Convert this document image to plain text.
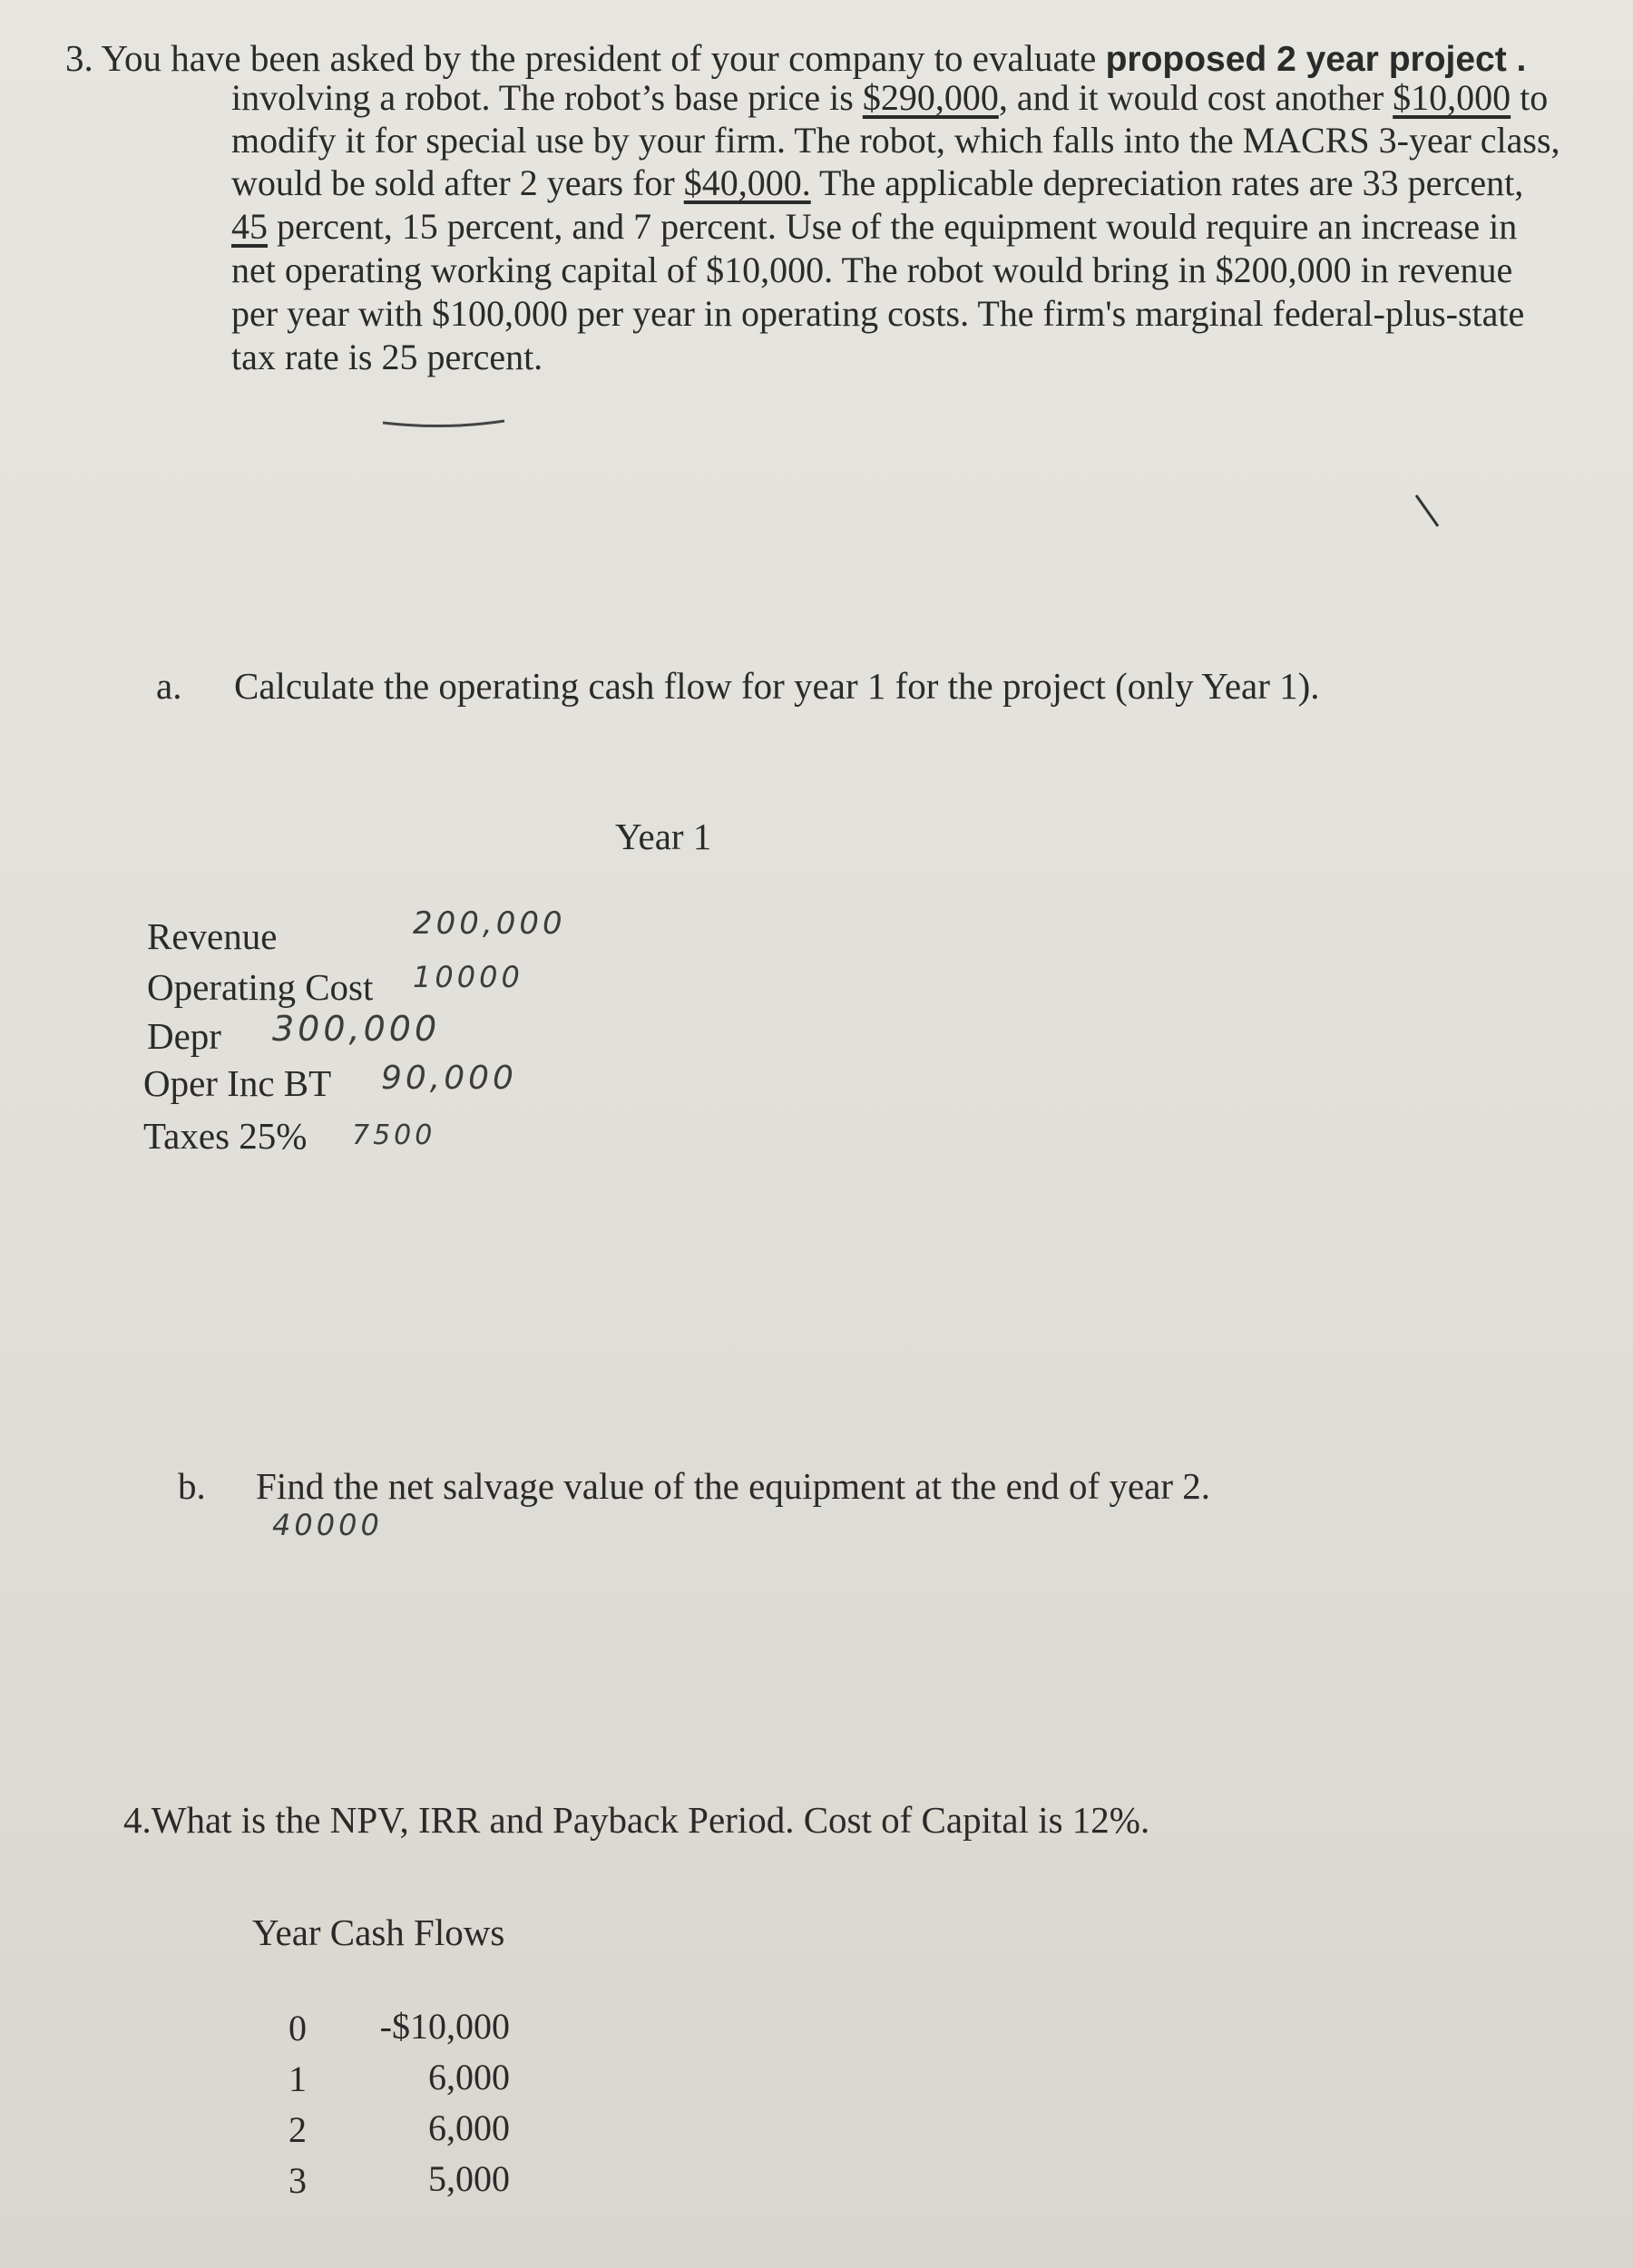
3. You have been asked by the president of your company to evaluate proposed 2 year project .
involving a robot. The robot’s base price is $290,000, and it would cost another $10,000 to
modify it for special use by your firm. The robot, which falls into the MACRS 3-year class,
would be sold after 2 years for $40,000. The applicable depreciation rates are 33 percent,
45 percent, 15 percent, and 7 percent. Use of the equipment would require an increase in
net operating working capital of $10,000. The robot would bring in $200,000 in revenue
per year with $100,000 per year in operating costs. The firm's marginal federal-plus-state
tax rate is 25 percent.
a. Calculate the operating cash flow for year 1 for the project (only Year 1).
Year 1
Revenue	200,000
Operating Cost 10000
Depr 300,000
Oper Inc BT 90,000
Taxes 25% 7500
b. Find the net salvage value of the equipment at the end of year 2.
40000
4.What is the NPV, IRR and Payback Period. Cost of Capital is 12%.
Year Cash Flows
0	-$10,000
1	6,000
2	6,000
3	5,000
